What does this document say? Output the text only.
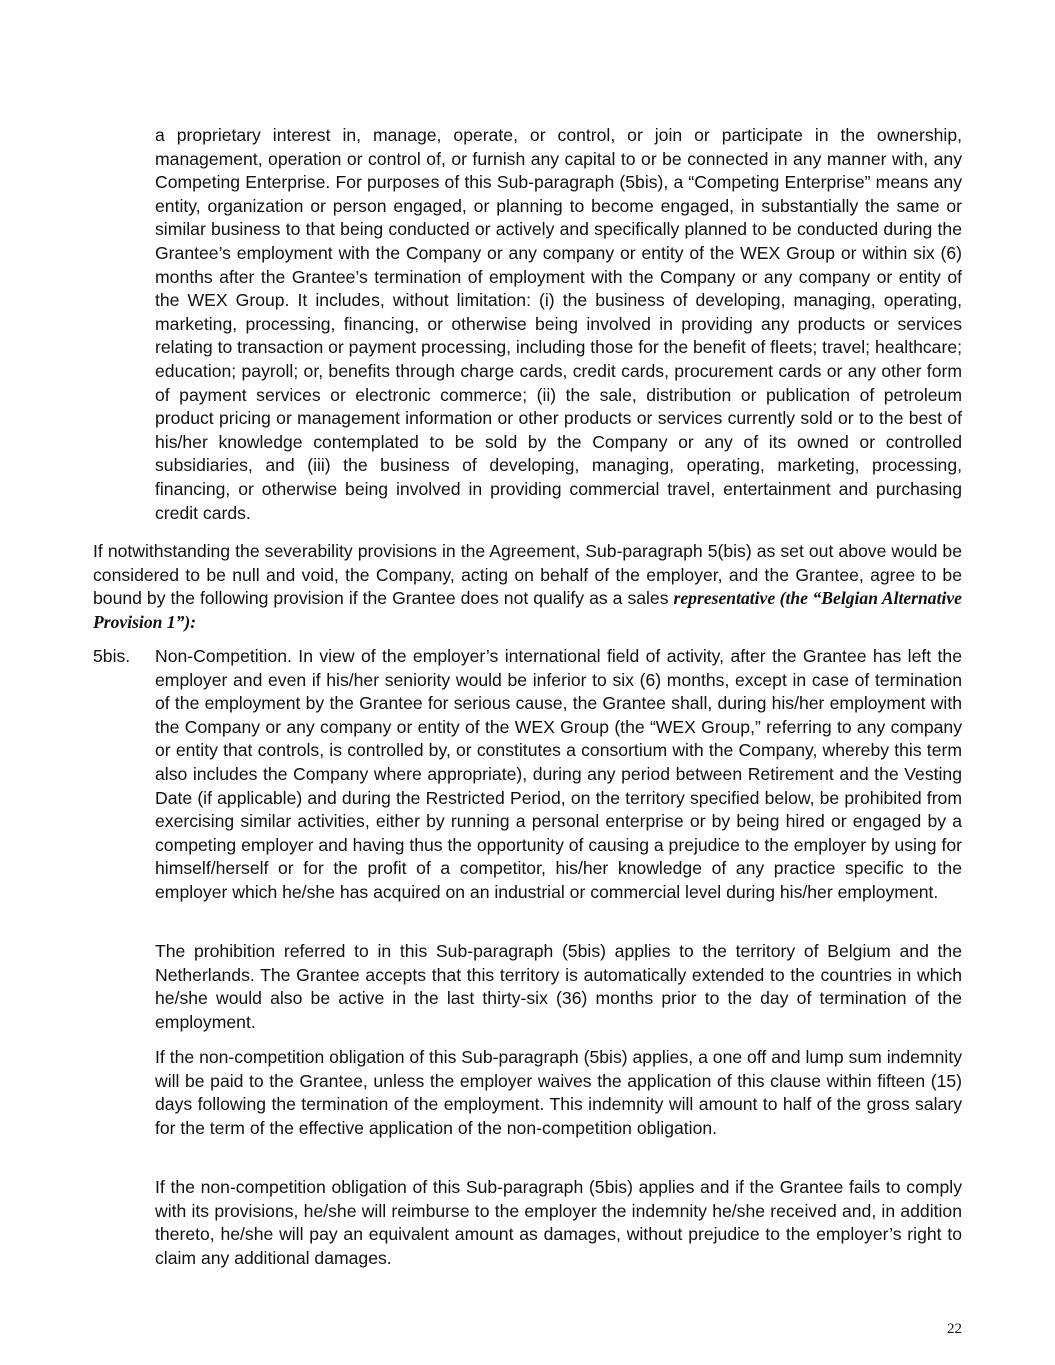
a proprietary interest in, manage, operate, or control, or join or participate in the ownership, management, operation or control of, or furnish any capital to or be connected in any manner with, any Competing Enterprise. For purposes of this Sub-paragraph (5bis), a “Competing Enterprise” means any entity, organization or person engaged, or planning to become engaged, in substantially the same or similar business to that being conducted or actively and specifically planned to be conducted during the Grantee’s employment with the Company or any company or entity of the WEX Group or within six (6) months after the Grantee’s termination of employment with the Company or any company or entity of the WEX Group. It includes, without limitation: (i) the business of developing, managing, operating, marketing, processing, financing, or otherwise being involved in providing any products or services relating to transaction or payment processing, including those for the benefit of fleets; travel; healthcare; education; payroll; or, benefits through charge cards, credit cards, procurement cards or any other form of payment services or electronic commerce; (ii) the sale, distribution or publication of petroleum product pricing or management information or other products or services currently sold or to the best of his/her knowledge contemplated to be sold by the Company or any of its owned or controlled subsidiaries, and (iii) the business of developing, managing, operating, marketing, processing, financing, or otherwise being involved in providing commercial travel, entertainment and purchasing credit cards.

If notwithstanding the severability provisions in the Agreement, Sub-paragraph 5(bis) as set out above would be considered to be null and void, the Company, acting on behalf of the employer, and the Grantee, agree to be bound by the following provision if the Grantee does not qualify as a sales representative (the “Belgian Alternative Provision 1”):

5bis. Non-Competition. In view of the employer’s international field of activity, after the Grantee has left the employer and even if his/her seniority would be inferior to six (6) months, except in case of termination of the employment by the Grantee for serious cause, the Grantee shall, during his/her employment with the Company or any company or entity of the WEX Group (the “WEX Group,” referring to any company or entity that controls, is controlled by, or constitutes a consortium with the Company, whereby this term also includes the Company where appropriate), during any period between Retirement and the Vesting Date (if applicable) and during the Restricted Period, on the territory specified below, be prohibited from exercising similar activities, either by running a personal enterprise or by being hired or engaged by a competing employer and having thus the opportunity of causing a prejudice to the employer by using for himself/herself or for the profit of a competitor, his/her knowledge of any practice specific to the employer which he/she has acquired on an industrial or commercial level during his/her employment.

The prohibition referred to in this Sub-paragraph (5bis) applies to the territory of Belgium and the Netherlands. The Grantee accepts that this territory is automatically extended to the countries in which he/she would also be active in the last thirty-six (36) months prior to the day of termination of the employment.

If the non-competition obligation of this Sub-paragraph (5bis) applies, a one off and lump sum indemnity will be paid to the Grantee, unless the employer waives the application of this clause within fifteen (15) days following the termination of the employment. This indemnity will amount to half of the gross salary for the term of the effective application of the non-competition obligation.

If the non-competition obligation of this Sub-paragraph (5bis) applies and if the Grantee fails to comply with its provisions, he/she will reimburse to the employer the indemnity he/she received and, in addition thereto, he/she will pay an equivalent amount as damages, without prejudice to the employer’s right to claim any additional damages.

22
